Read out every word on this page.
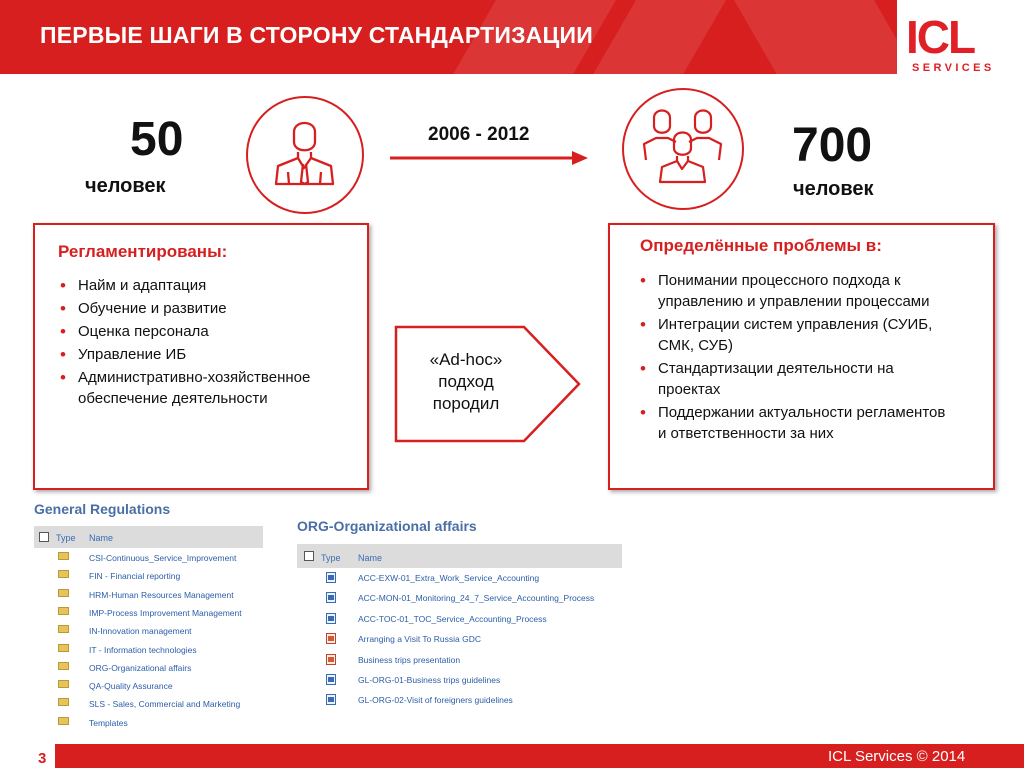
ПЕРВЫЕ ШАГИ В СТОРОНУ СТАНДАРТИЗАЦИИ	ICL
SERVICES
50
человек
2006 - 2012	700
человек
Регламентированы:
• Найм и адаптация
• Обучение и развитие
• Оценка персонала
• Управление ИБ
• Административно-хозяйственное обеспечение деятельности
«Ad-hoc»
подход
породил
Определённые проблемы в:
• Понимании процессного подхода к управлению и управлении процессами
• Интеграции систем управления (СУИБ, СМК, СУБ)
• Стандартизации деятельности на проектах
• Поддержании актуальности регламентов и ответственности за них
General Regulations
Type Name
CSI-Continuous_Service_Improvement
FIN - Financial reporting
HRM-Human Resources Management
IMP-Process Improvement Management
IN-Innovation management
IT - Information technologies
ORG-Organizational affairs
QA-Quality Assurance
SLS - Sales, Commercial and Marketing
Templates
ORG-Organizational affairs
Type Name
ACC-EXW-01_Extra_Work_Service_Accounting
ACC-MON-01_Monitoring_24_7_Service_Accounting_Process
ACC-TOC-01_TOC_Service_Accounting_Process
Arranging a Visit To Russia GDC
Business trips presentation
GL-ORG-01-Business trips guidelines
GL-ORG-02-Visit of foreigners guidelines
3	ICL Services © 2014
